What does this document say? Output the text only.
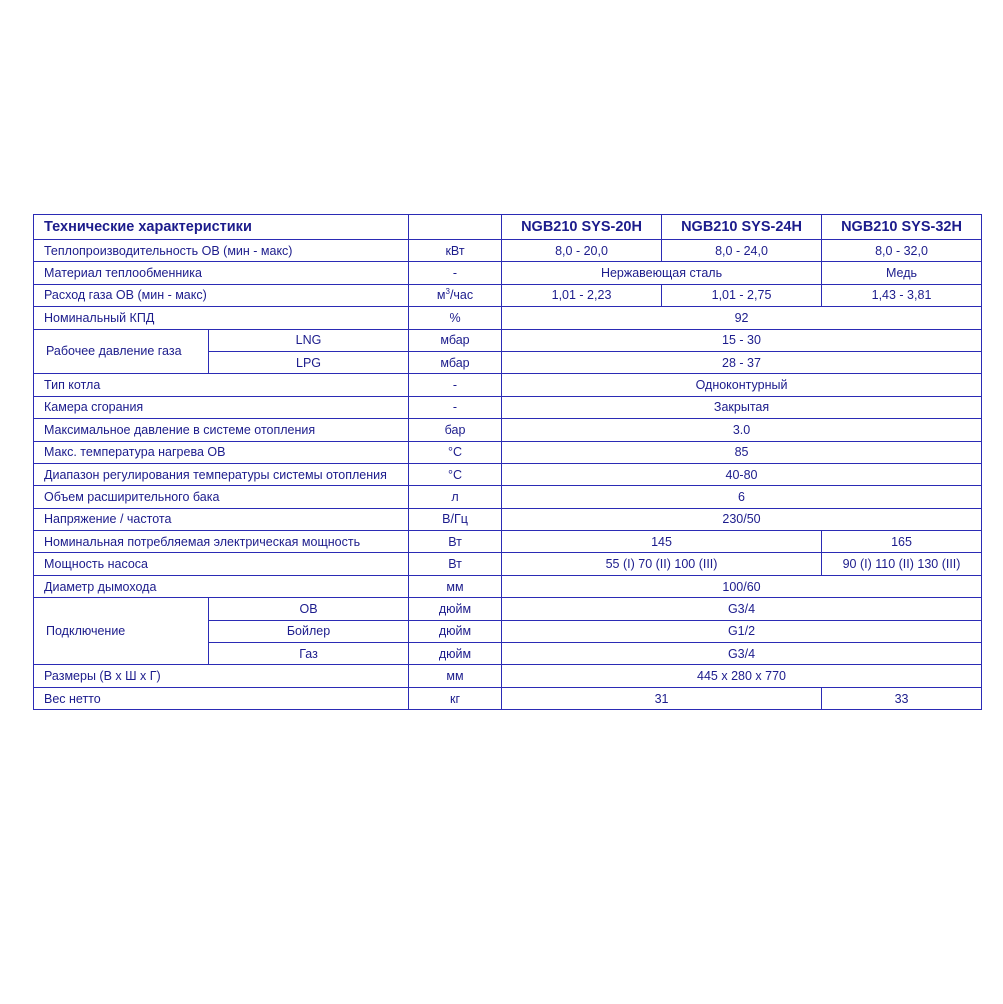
Технические характеристики			NGB210 SYS-20H	NGB210 SYS-24H	NGB210 SYS-32H
Теплопроизводительность ОВ (мин - макс)		кВт	8,0 - 20,0	8,0 - 24,0	8,0 - 32,0
Материал теплообменника		-	Нержавеющая сталь		Медь
Расход газа ОВ (мин - макс)		$м^3$/час	1,01 - 2,23	1,01 - 2,75	1,43 - 3,81
Номинальный КПД		%	92		
Рабочее давление газа	LNG	мбар	15 - 30		
	LPG	мбар	28 - 37		
Тип котла		-	Одноконтурный		
Камера сгорания		-	Закрытая		
Максимальное давление в системе отопления		бар	3.0		
Макс. температура нагрева ОВ		°C	85		
Диапазон регулирования температуры системы отопления		°C	40-80		
Объем расширительного бака		л	6		
Напряжение / частота		В/Гц	230/50		
Номинальная потребляемая электрическая мощность		Вт	145		165
Мощность насоса		Вт	55 (I) 70 (II) 100 (III)		90 (I) 110 (II) 130 (III)
Диаметр дымохода		мм	100/60		
Подключение	ОВ	дюйм	G3/4		
	Бойлер	дюйм	G1/2		
	Газ	дюйм	G3/4		
Размеры (В х Ш х Г)		мм	445 x 280 x 770		
Вес нетто		кг	31		33
